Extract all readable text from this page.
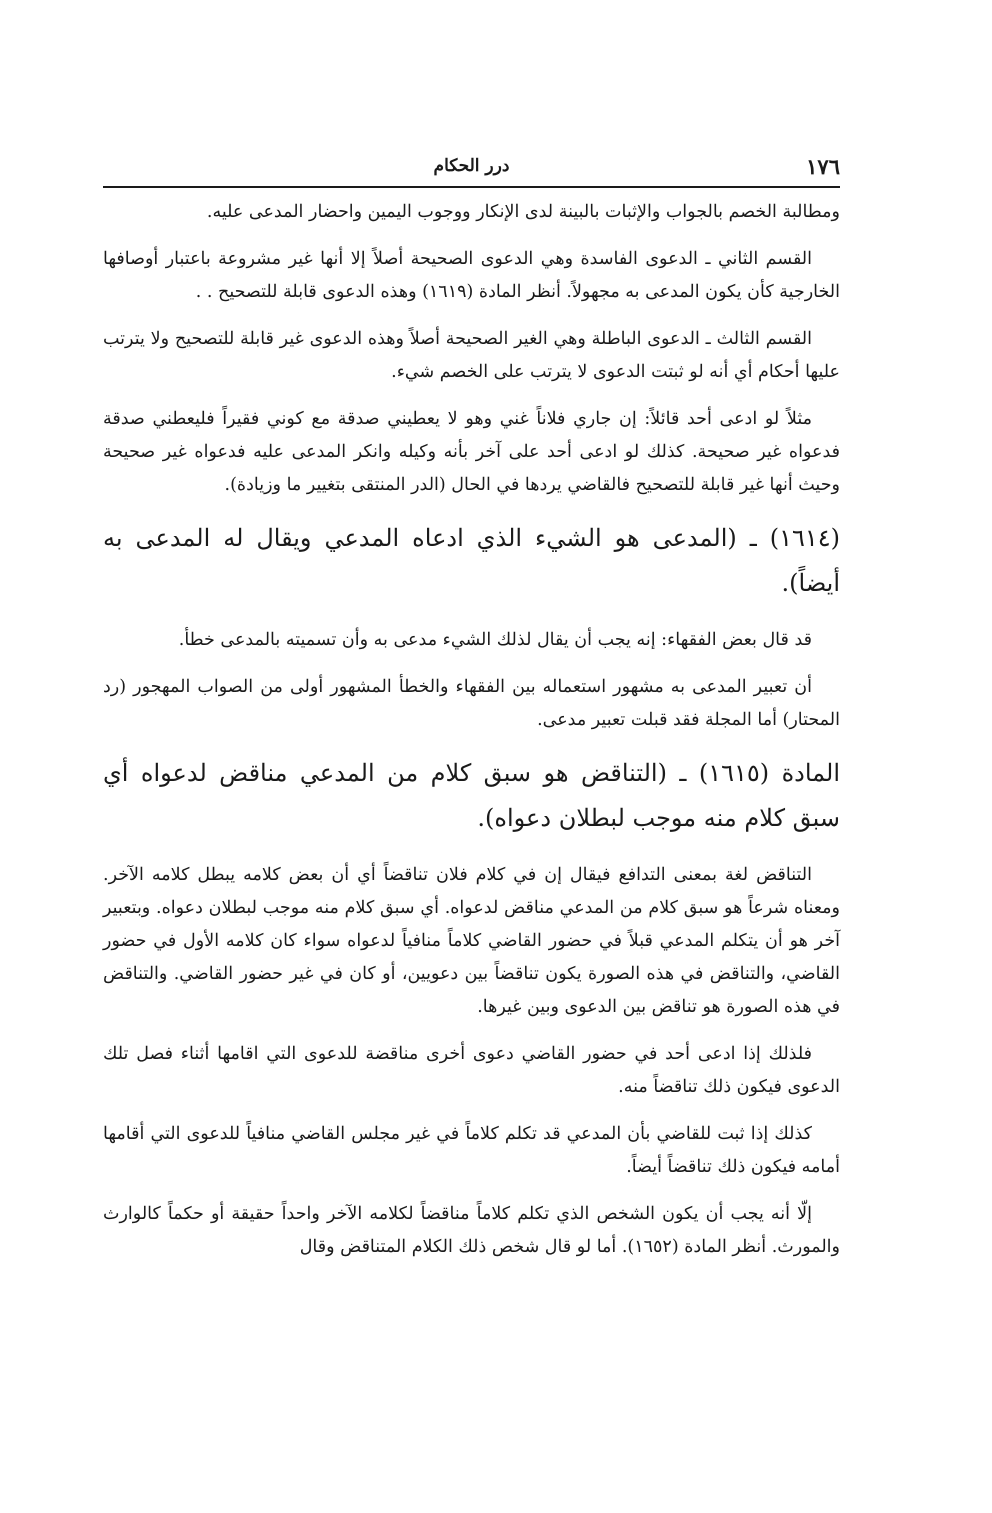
١٧٦
درر الحكام

ومطالبة الخصم بالجواب والإثبات بالبينة لدى الإنكار ووجوب اليمين واحضار المدعى عليه.

القسم الثاني ـ الدعوى الفاسدة وهي الدعوى الصحيحة أصلاً إلا أنها غير مشروعة باعتبار أوصافها الخارجية كأن يكون المدعى به مجهولاً. أنظر المادة (١٦١٩) وهذه الدعوى قابلة للتصحيح . .

القسم الثالث ـ الدعوى الباطلة وهي الغير الصحيحة أصلاً وهذه الدعوى غير قابلة للتصحيح ولا يترتب عليها أحكام أي أنه لو ثبتت الدعوى لا يترتب على الخصم شيء.

مثلاً لو ادعى أحد قائلاً: إن جاري فلاناً غني وهو لا يعطيني صدقة مع كوني فقيراً فليعطني صدقة فدعواه غير صحيحة. كذلك لو ادعى أحد على آخر بأنه وكيله وانكر المدعى عليه فدعواه غير صحيحة وحيث أنها غير قابلة للتصحيح فالقاضي يردها في الحال (الدر المنتقى بتغيير ما وزيادة).

(١٦١٤) ـ (المدعى هو الشيء الذي ادعاه المدعي ويقال له المدعى به أيضاً).

قد قال بعض الفقهاء: إنه يجب أن يقال لذلك الشيء مدعى به وأن تسميته بالمدعى خطأ.

أن تعبير المدعى به مشهور استعماله بين الفقهاء والخطأ المشهور أولى من الصواب المهجور (رد المحتار) أما المجلة فقد قبلت تعبير مدعى.

المادة (١٦١٥) ـ (التناقض هو سبق كلام من المدعي مناقض لدعواه أي سبق كلام منه موجب لبطلان دعواه).

التناقض لغة بمعنى التدافع فيقال إن في كلام فلان تناقضاً أي أن بعض كلامه يبطل كلامه الآخر. ومعناه شرعاً هو سبق كلام من المدعي مناقض لدعواه. أي سبق كلام منه موجب لبطلان دعواه. وبتعبير آخر هو أن يتكلم المدعي قبلاً في حضور القاضي كلاماً منافياً لدعواه سواء كان كلامه الأول في حضور القاضي، والتناقض في هذه الصورة يكون تناقضاً بين دعويين، أو كان في غير حضور القاضي. والتناقض في هذه الصورة هو تناقض بين الدعوى وبين غيرها.

فلذلك إذا ادعى أحد في حضور القاضي دعوى أخرى مناقضة للدعوى التي اقامها أثناء فصل تلك الدعوى فيكون ذلك تناقضاً منه.

كذلك إذا ثبت للقاضي بأن المدعي قد تكلم كلاماً في غير مجلس القاضي منافياً للدعوى التي أقامها أمامه فيكون ذلك تناقضاً أيضاً.

إلّا أنه يجب أن يكون الشخص الذي تكلم كلاماً مناقضاً لكلامه الآخر واحداً حقيقة أو حكماً كالوارث والمورث. أنظر المادة (١٦٥٢). أما لو قال شخص ذلك الكلام المتناقض وقال
